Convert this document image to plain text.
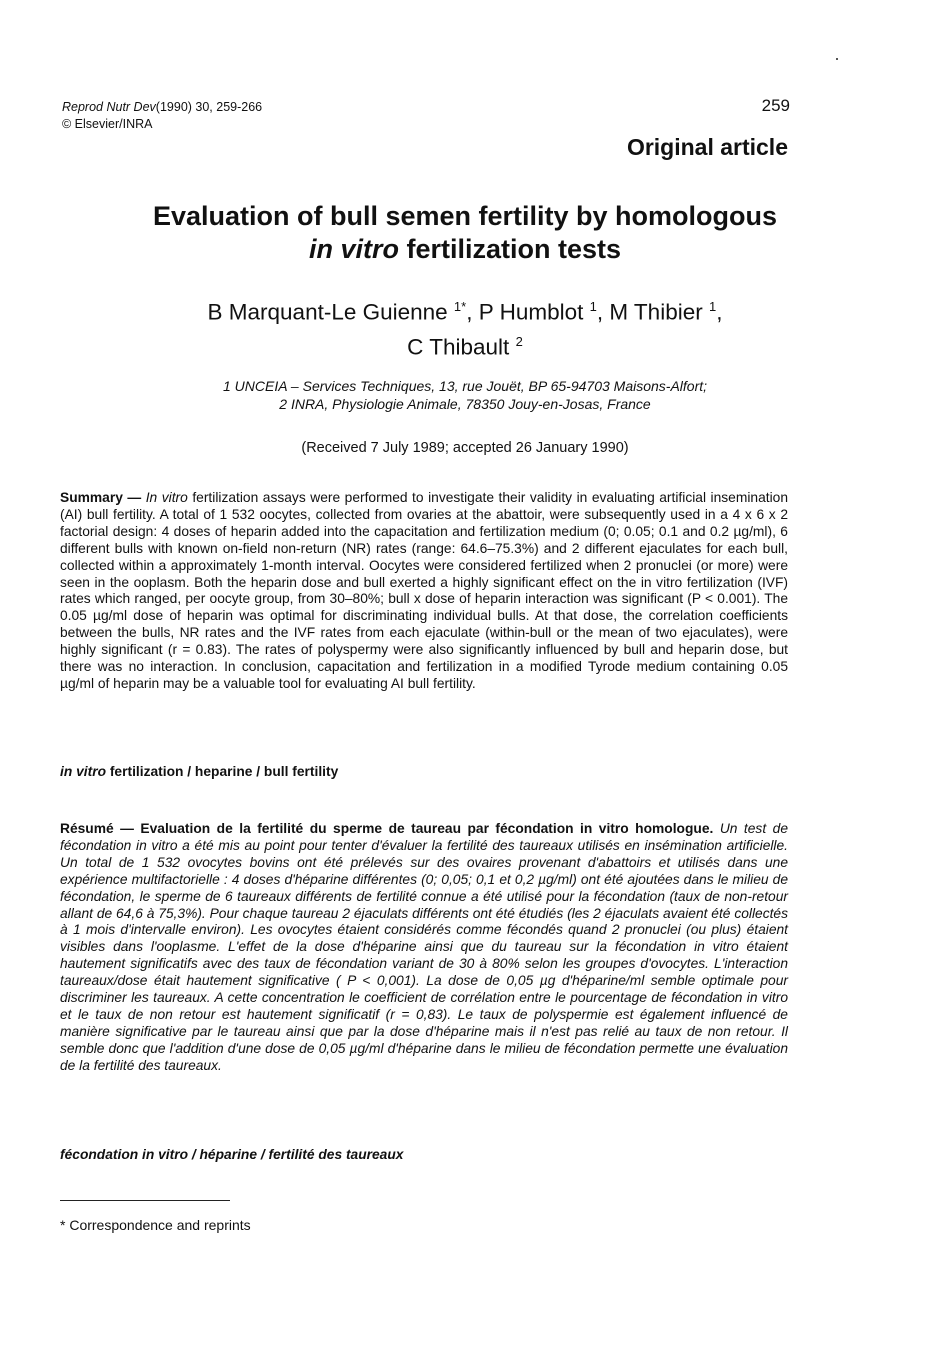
Reprod Nutr Dev(1990) 30, 259-266
© Elsevier/INRA
259
Original article
Evaluation of bull semen fertility by homologous
in vitro fertilization tests
B Marquant-Le Guienne $^{1*}$, P Humblot $^1$, M Thibier $^1$,
C Thibault $^2$
1 UNCEIA – Services Techniques, 13, rue Jouët, BP 65-94703 Maisons-Alfort;
2 INRA, Physiologie Animale, 78350 Jouy-en-Josas, France
(Received 7 July 1989; accepted 26 January 1990)
Summary — In vitro fertilization assays were performed to investigate their validity in evaluating artificial insemination (AI) bull fertility. A total of 1 532 oocytes, collected from ovaries at the abattoir, were subsequently used in a 4 x 6 x 2 factorial design: 4 doses of heparin added into the capacitation and fertilization medium (0; 0.05; 0.1 and 0.2 µg/ml), 6 different bulls with known on-field non-return (NR) rates (range: 64.6–75.3%) and 2 different ejaculates for each bull, collected within a approximately 1-month interval. Oocytes were considered fertilized when 2 pronuclei (or more) were seen in the ooplasm. Both the heparin dose and bull exerted a highly significant effect on the in vitro fertilization (IVF) rates which ranged, per oocyte group, from 30–80%; bull x dose of heparin interaction was significant (P < 0.001). The 0.05 µg/ml dose of heparin was optimal for discriminating individual bulls. At that dose, the correlation coefficients between the bulls, NR rates and the IVF rates from each ejaculate (within-bull or the mean of two ejaculates), were highly significant (r = 0.83). The rates of polyspermy were also significantly influenced by bull and heparin dose, but there was no interaction. In conclusion, capacitation and fertilization in a modified Tyrode medium containing 0.05 µg/ml of heparin may be a valuable tool for evaluating AI bull fertility.
in vitro fertilization / heparine / bull fertility
Résumé — Evaluation de la fertilité du sperme de taureau par fécondation in vitro homologue. Un test de fécondation in vitro a été mis au point pour tenter d'évaluer la fertilité des taureaux utilisés en insémination artificielle. Un total de 1 532 ovocytes bovins ont été prélevés sur des ovaires provenant d'abattoirs et utilisés dans une expérience multifactorielle : 4 doses d'héparine différentes (0; 0,05; 0,1 et 0,2 µg/ml) ont été ajoutées dans le milieu de fécondation, le sperme de 6 taureaux différents de fertilité connue a été utilisé pour la fécondation (taux de non-retour allant de 64,6 à 75,3%). Pour chaque taureau 2 éjaculats différents ont été étudiés (les 2 éjaculats avaient été collectés à 1 mois d'intervalle environ). Les ovocytes étaient considérés comme fécondés quand 2 pronuclei (ou plus) étaient visibles dans l'ooplasme. L'effet de la dose d'héparine ainsi que du taureau sur la fécondation in vitro étaient hautement significatifs avec des taux de fécondation variant de 30 à 80% selon les groupes d'ovocytes. L'interaction taureaux/dose était hautement significative ( P < 0,001). La dose de 0,05 µg d'héparine/ml semble optimale pour discriminer les taureaux. A cette concentration le coefficient de corrélation entre le pourcentage de fécondation in vitro et le taux de non retour est hautement significatif (r = 0,83). Le taux de polyspermie est également influencé de manière significative par le taureau ainsi que par la dose d'héparine mais il n'est pas relié au taux de non retour. Il semble donc que l'addition d'une dose de 0,05 µg/ml d'héparine dans le milieu de fécondation permette une évaluation de la fertilité des taureaux.
fécondation in vitro / héparine / fertilité des taureaux
* Correspondence and reprints
